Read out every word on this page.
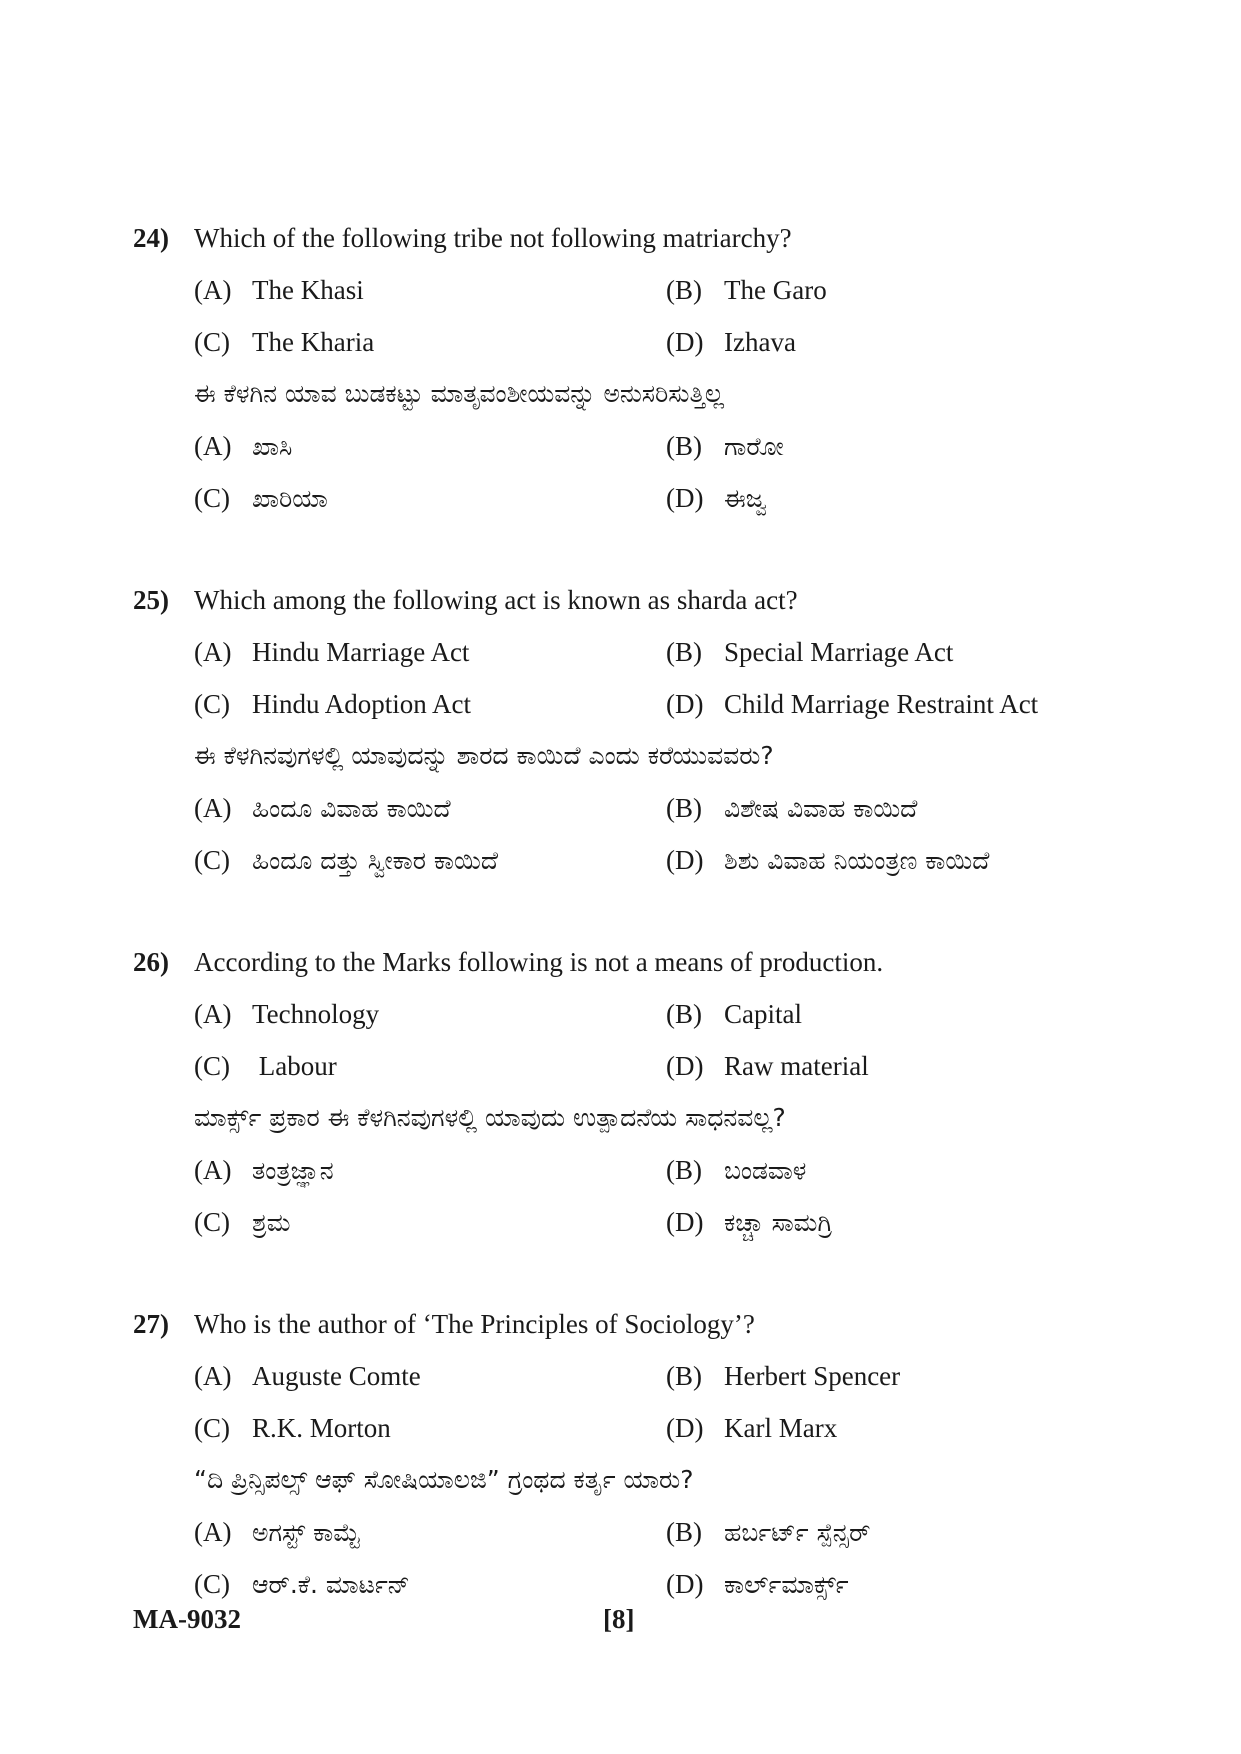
24) Which of the following tribe not following matriarchy?
(A) The Khasi	(B) The Garo
(C) The Kharia	(D) Izhava
ಈ ಕೆಳಗಿನ ಯಾವ ಬುಡಕಟ್ಟು ಮಾತೃವಂಶೀಯವನ್ನು ಅನುಸರಿಸುತ್ತಿಲ್ಲ
(A) ಖಾಸಿ	(B) ಗಾರೋ
(C) ಖಾರಿಯಾ	(D) ಈಜ್ವ
25) Which among the following act is known as sharda act?
(A) Hindu Marriage Act	(B) Special Marriage Act
(C) Hindu Adoption Act	(D) Child Marriage Restraint Act
ಈ ಕೆಳಗಿನವುಗಳಲ್ಲಿ ಯಾವುದನ್ನು ಶಾರದ ಕಾಯಿದೆ ಎಂದು ಕರೆಯುವವರು?
(A) ಹಿಂದೂ ವಿವಾಹ ಕಾಯಿದೆ	(B) ವಿಶೇಷ ವಿವಾಹ ಕಾಯಿದೆ
(C) ಹಿಂದೂ ದತ್ತು ಸ್ವೀಕಾರ ಕಾಯಿದೆ	(D) ಶಿಶು ವಿವಾಹ ನಿಯಂತ್ರಣ ಕಾಯಿದೆ
26) According to the Marks following is not a means of production.
(A) Technology	(B) Capital
(C) Labour	(D) Raw material
ಮಾರ್ಕ್ಸ್ ಪ್ರಕಾರ ಈ ಕೆಳಗಿನವುಗಳಲ್ಲಿ ಯಾವುದು ಉತ್ಪಾದನೆಯ ಸಾಧನವಲ್ಲ?
(A) ತಂತ್ರಜ್ಞಾನ	(B) ಬಂಡವಾಳ
(C) ಶ್ರಮ	(D) ಕಚ್ಚಾ ಸಾಮಗ್ರಿ
27) Who is the author of ‘The Principles of Sociology’?
(A) Auguste Comte	(B) Herbert Spencer
(C) R.K. Morton	(D) Karl Marx
“ದಿ ಪ್ರಿನ್ಸಿಪಲ್ಸ್ ಆಫ್ ಸೋಷಿಯಾಲಜಿ” ಗ್ರಂಥದ ಕರ್ತೃ ಯಾರು?
(A) ಅಗಸ್ಟ್ ಕಾಮ್ಟೆ	(B) ಹರ್ಬರ್ಟ್ ಸ್ಪೆನ್ಸರ್
(C) ಆರ್.ಕೆ. ಮಾರ್ಟನ್	(D) ಕಾರ್ಲ್‌ಮಾರ್ಕ್ಸ್
MA-9032	[8]
